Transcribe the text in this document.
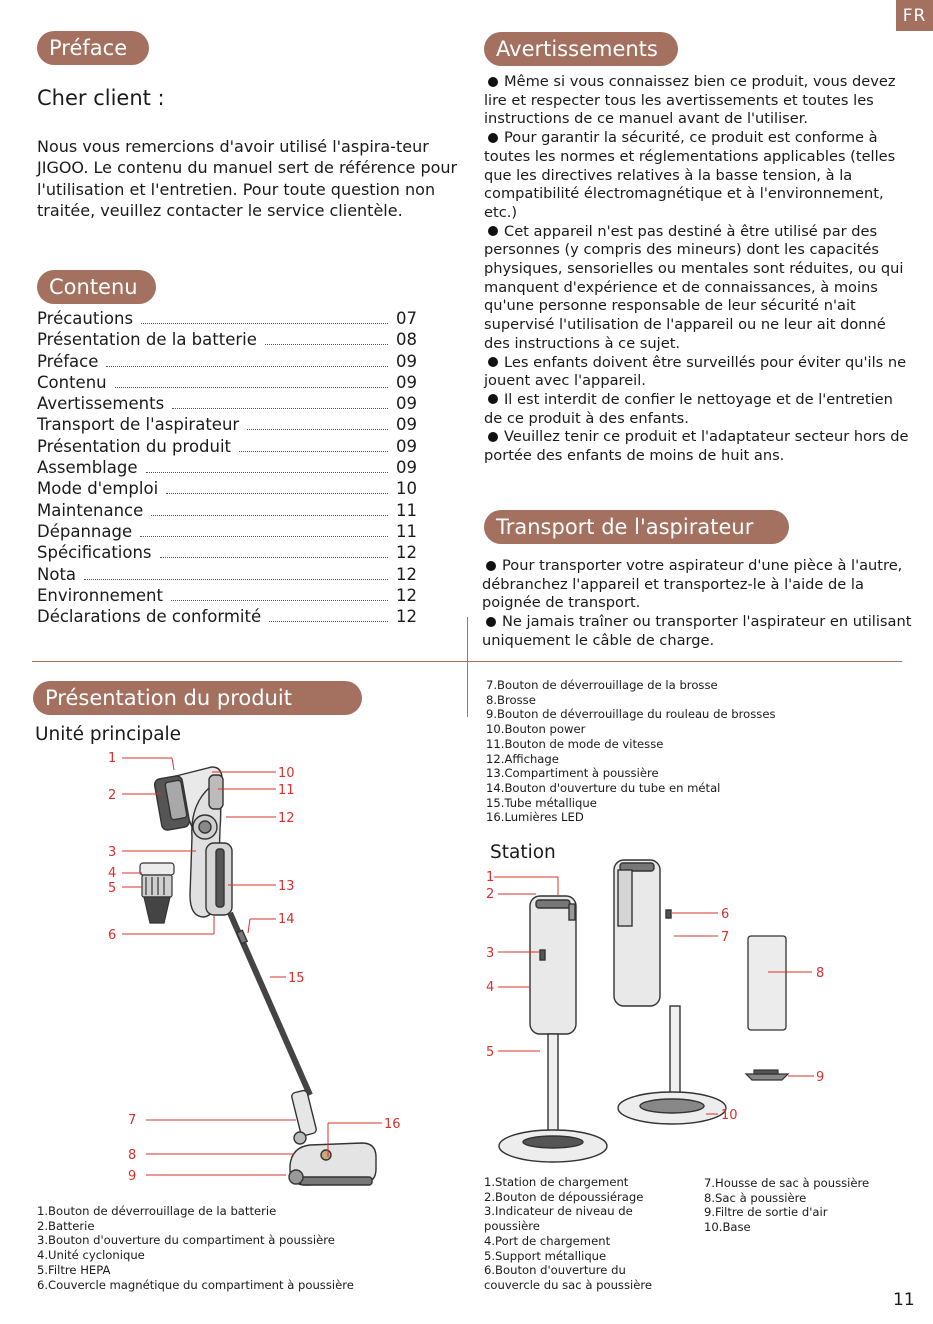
FR
Préface
Cher client :
Nous vous remercions d'avoir utilisé l'aspira-teur JIGOO. Le contenu du manuel sert de référence pour l'utilisation et l'entretien. Pour toute question non traitée, veuillez contacter le service clientèle.
Contenu
Précautions	07
Présentation de la batterie	08
Préface	09
Contenu	09
Avertissements	09
Transport de l'aspirateur	09
Présentation du produit	09
Assemblage	09
Mode d'emploi	10
Maintenance	11
Dépannage	11
Spécifications	12
Nota	12
Environnement	12
Déclarations de conformité	12
Avertissements

Même si vous connaissez bien ce produit, vous devez lire et respecter tous les avertissements et toutes les instructions de ce manuel avant de l'utiliser.

Pour garantir la sécurité, ce produit est conforme à toutes les normes et réglementations applicables (telles que les directives relatives à la basse tension, à la compatibilité électromagnétique et à l'environnement, etc.)

Cet appareil n'est pas destiné à être utilisé par des personnes (y compris des mineurs) dont les capacités physiques, sensorielles ou mentales sont réduites, ou qui manquent d'expérience et de connaissances, à moins qu'une personne responsable de leur sécurité n'ait supervisé l'utilisation de l'appareil ou ne leur ait donné des instructions à ce sujet.

Les enfants doivent être surveillés pour éviter qu'ils ne jouent avec l'appareil.

Il est interdit de confier le nettoyage et de l'entretien de ce produit à des enfants.

Veuillez tenir ce produit et l'adaptateur secteur hors de portée des enfants de moins de huit ans.

Transport de l'aspirateur

Pour transporter votre aspirateur d'une pièce à l'autre, débranchez l'appareil et transportez-le à l'aide de la poignée de transport.

Ne jamais traîner ou transporter l'aspirateur en utilisant uniquement le câble de charge.

Présentation du produit
Unité principale
Station
1
2
3
4
5
6
7
8
9
10
11
12
13
14
15
16
1
2
3
4
5
6
7
8
9
10
7.Bouton de déverrouillage de la brosse
8.Brosse
9.Bouton de déverrouillage du rouleau de brosses
10.Bouton power
11.Bouton de mode de vitesse
12.Affichage
13.Compartiment à poussière
14.Bouton d'ouverture du tube en métal
15.Tube métallique
16.Lumières LED
1.Bouton de déverrouillage de la batterie
2.Batterie
3.Bouton d'ouverture du compartiment à poussière
4.Unité cyclonique
5.Filtre HEPA
6.Couvercle magnétique du compartiment à poussière
1.Station de chargement
2.Bouton de dépoussiérage
3.Indicateur de niveau de poussière
4.Port de chargement
5.Support métallique
6.Bouton d'ouverture du couvercle du sac à poussière
7.Housse de sac à poussière
8.Sac à poussière
9.Filtre de sortie d'air
10.Base
11
